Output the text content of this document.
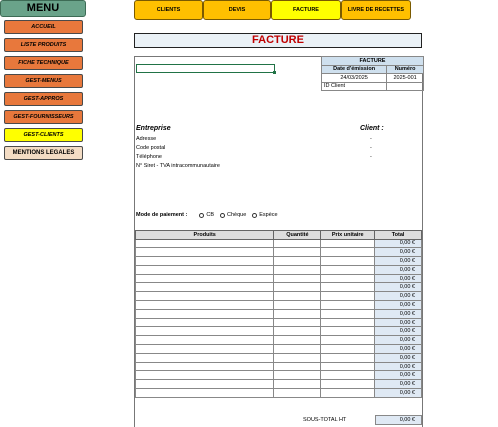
MENU
ACCUEIL
LISTE PRODUITS
FICHE TECHNIQUE
GEST-MENUS
GEST-APPROS
GEST-FOURNISSEURS
GEST-CLIENTS
MENTIONS LEGALES
CLIENTS	DEVIS	FACTURE	LIVRE DE RECETTES
FACTURE
FACTURE	
Date d'émission	Numéro
24/03/2025	2025-001
ID Client	
Entreprise
Adresse
Code postal
Téléphone
N° Siret - TVA intracommunautaire
Client :
-
-
-
Mode de paiement :	CB Chèque Espèce
Produits	Quantité	Prix unitaire	Total
			0,00 €
			0,00 €
			0,00 €
			0,00 €
			0,00 €
			0,00 €
			0,00 €
			0,00 €
			0,00 €
			0,00 €
			0,00 €
			0,00 €
			0,00 €
			0,00 €
			0,00 €
			0,00 €
			0,00 €
			0,00 €
SOUS-TOTAL HT	0,00 €
